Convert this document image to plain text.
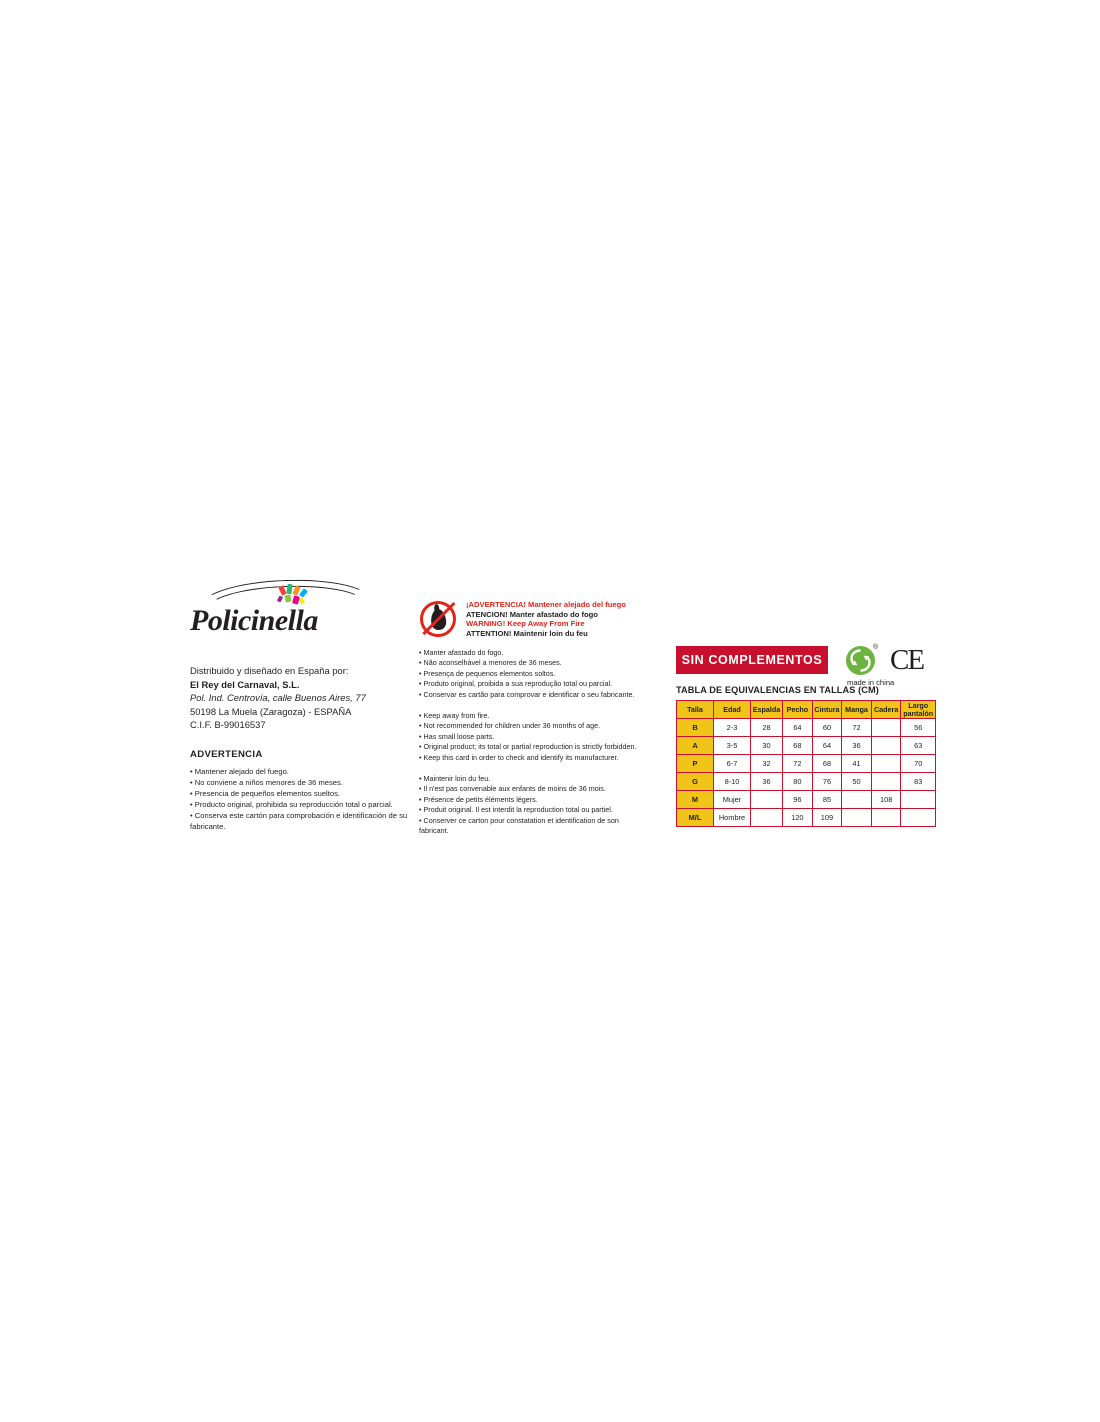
Policinella
Distribuido y diseñado en España por:
El Rey del Carnaval, S.L.
Pol. Ind. Centrovía, calle Buenos Aires, 77
50198 La Muela (Zaragoza) - ESPAÑA
C.I.F. B-99016537
ADVERTENCIA
• Mantener alejado del fuego.
• No conviene a niños menores de 36 meses.
• Presencia de pequeños elementos sueltos.
• Producto original, prohibida su reproducción total o parcial.
• Conserva este cartón para comprobación e identificación de su fabricante.
¡ADVERTENCIA! Mantener alejado del fuego
ATENCION! Manter afastado do fogo
WARNING! Keep Away From Fire
ATTENTION! Maintenir loin du feu
• Manter afastado do fogo.
• Não aconselhável a menores de 36 meses.
• Presença de pequenos elementos soltos.
• Produto original, proibida a sua reprodução total ou parcial.
• Conservar es cartão para comprovar e identificar o seu fabricante.
• Keep away from fire.
• Not recommended for children under 36 months of age.
• Has small loose parts.
• Original product; its total or partial reproduction is strictly forbidden.
• Keep this card in order to check and identify its manufacturer.
• Maintenir loin du feu.
• Il n'est pas convenable aux enfants de moins de 36 mois.
• Présence de petits éléments légers.
• Produit original. Il est interdit la reproduction total ou partiel.
• Conserver ce carton pour constatation et identification de son fabricant.
SIN COMPLEMENTOS
® CE
made in china
TABLA DE EQUIVALENCIAS EN TALLAS (CM)
Talla	Edad	Espalda	Pecho	Cintura	Manga	Cadera	Largo
pantalón

B	2-3	28	64	60	72		56
A	3-5	30	68	64	36		63
P	6-7	32	72	68	41		70
G	8-10	36	80	76	50		83
M	Mujer		96	85		108	
M/L	Hombre		120	109			
